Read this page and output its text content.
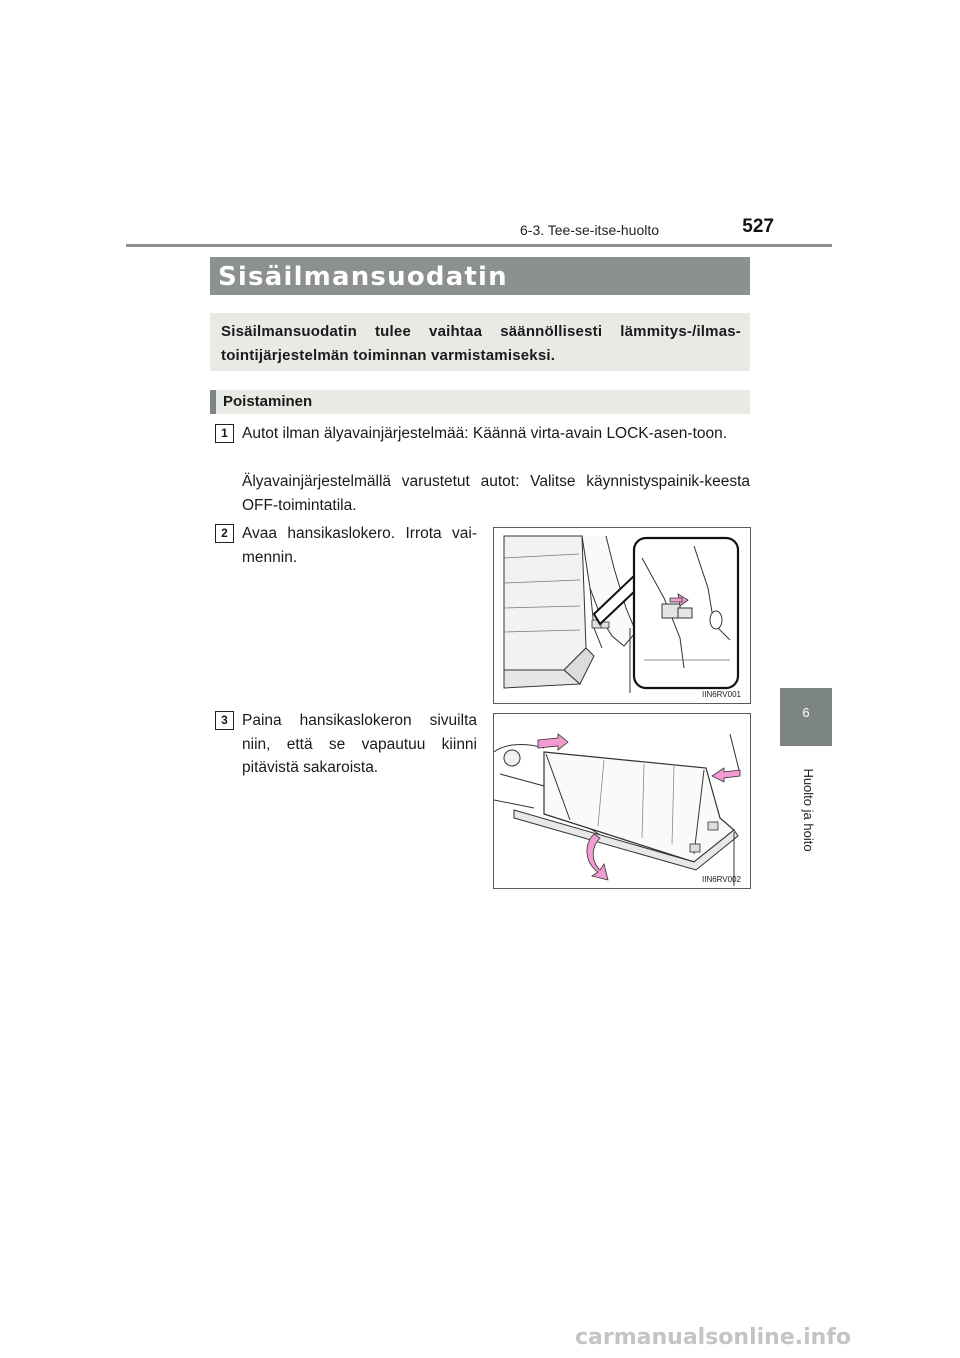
6-3. Tee-se-itse-huolto	527
6
Huolto ja hoito
Sisäilmansuodatin
Sisäilmansuodatin tulee vaihtaa säännöllisesti lämmitys-/ilmas-tointijärjestelmän toiminnan varmistamiseksi.
Poistaminen
1 Autot ilman älyavainjärjestelmää: Käännä virta-avain LOCK-asen-toon.
Älyavainjärjestelmällä varustetut autot: Valitse käynnistyspainik-keesta OFF-toimintatila.
2 Avaa hansikaslokero. Irrota vai-mennin.
IIN6RV001
3 Paina hansikaslokeron sivuilta niin, että se vapautuu kiinni pitävistä sakaroista.
IIN6RV002
carmanualsonline.info
